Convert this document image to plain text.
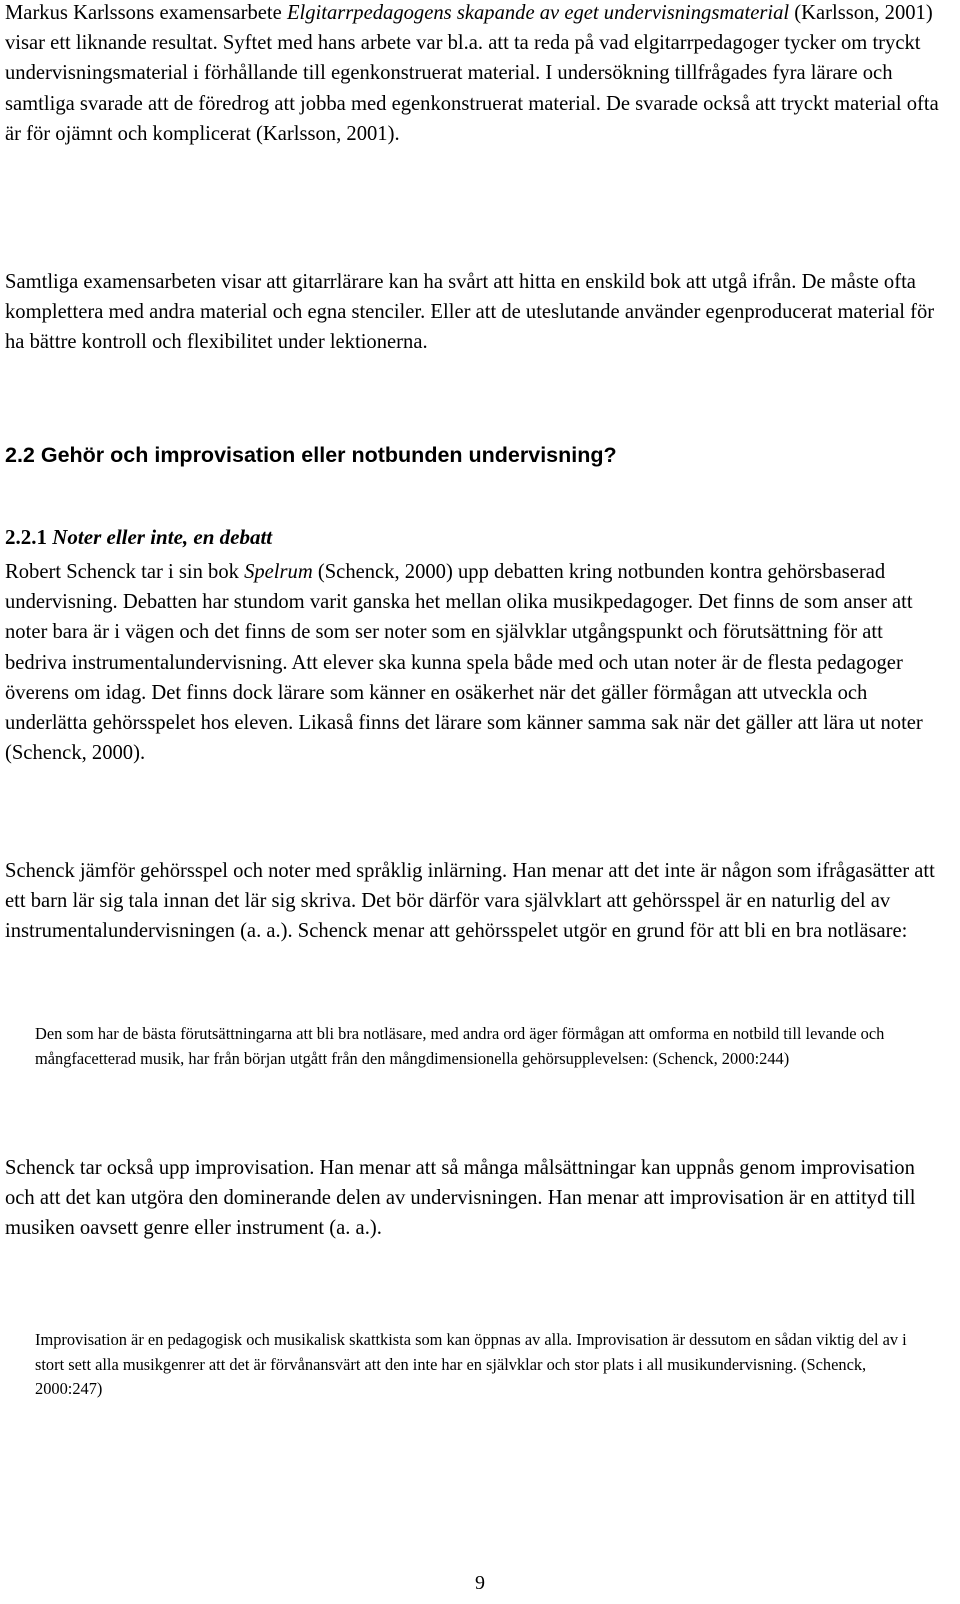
Markus Karlssons examensarbete Elgitarrpedagogens skapande av eget undervisningsmaterial (Karlsson, 2001) visar ett liknande resultat. Syftet med hans arbete var bl.a. att ta reda på vad elgitarrpedagoger tycker om tryckt undervisningsmaterial i förhållande till egenkonstruerat material. I undersökning tillfrågades fyra lärare och samtliga svarade att de föredrog att jobba med egenkonstruerat material. De svarade också att tryckt material ofta är för ojämnt och komplicerat (Karlsson, 2001).

Samtliga examensarbeten visar att gitarrlärare kan ha svårt att hitta en enskild bok att utgå ifrån. De måste ofta komplettera med andra material och egna stenciler. Eller att de uteslutande använder egenproducerat material för ha bättre kontroll och flexibilitet under lektionerna.

2.2 Gehör och improvisation eller notbunden undervisning?
2.2.1 Noter eller inte, en debatt

Robert Schenck tar i sin bok Spelrum (Schenck, 2000) upp debatten kring notbunden kontra gehörsbaserad undervisning. Debatten har stundom varit ganska het mellan olika musikpedagoger. Det finns de som anser att noter bara är i vägen och det finns de som ser noter som en självklar utgångspunkt och förutsättning för att bedriva instrumentalundervisning. Att elever ska kunna spela både med och utan noter är de flesta pedagoger överens om idag. Det finns dock lärare som känner en osäkerhet när det gäller förmågan att utveckla och underlätta gehörsspelet hos eleven. Likaså finns det lärare som känner samma sak när det gäller att lära ut noter (Schenck, 2000).

Schenck jämför gehörsspel och noter med språklig inlärning. Han menar att det inte är någon som ifrågasätter att ett barn lär sig tala innan det lär sig skriva. Det bör därför vara självklart att gehörsspel är en naturlig del av instrumentalundervisningen (a. a.). Schenck menar att gehörsspelet utgör en grund för att bli en bra notläsare:

Den som har de bästa förutsättningarna att bli bra notläsare, med andra ord äger förmågan att omforma en notbild till levande och mångfacetterad musik, har från början utgått från den mångdimensionella gehörsupplevelsen: (Schenck, 2000:244)

Schenck tar också upp improvisation. Han menar att så många målsättningar kan uppnås genom improvisation och att det kan utgöra den dominerande delen av undervisningen. Han menar att improvisation är en attityd till musiken oavsett genre eller instrument (a. a.).

Improvisation är en pedagogisk och musikalisk skattkista som kan öppnas av alla. Improvisation är dessutom en sådan viktig del av i stort sett alla musikgenrer att det är förvånansvärt att den inte har en självklar och stor plats i all musikundervisning. (Schenck, 2000:247)

9
